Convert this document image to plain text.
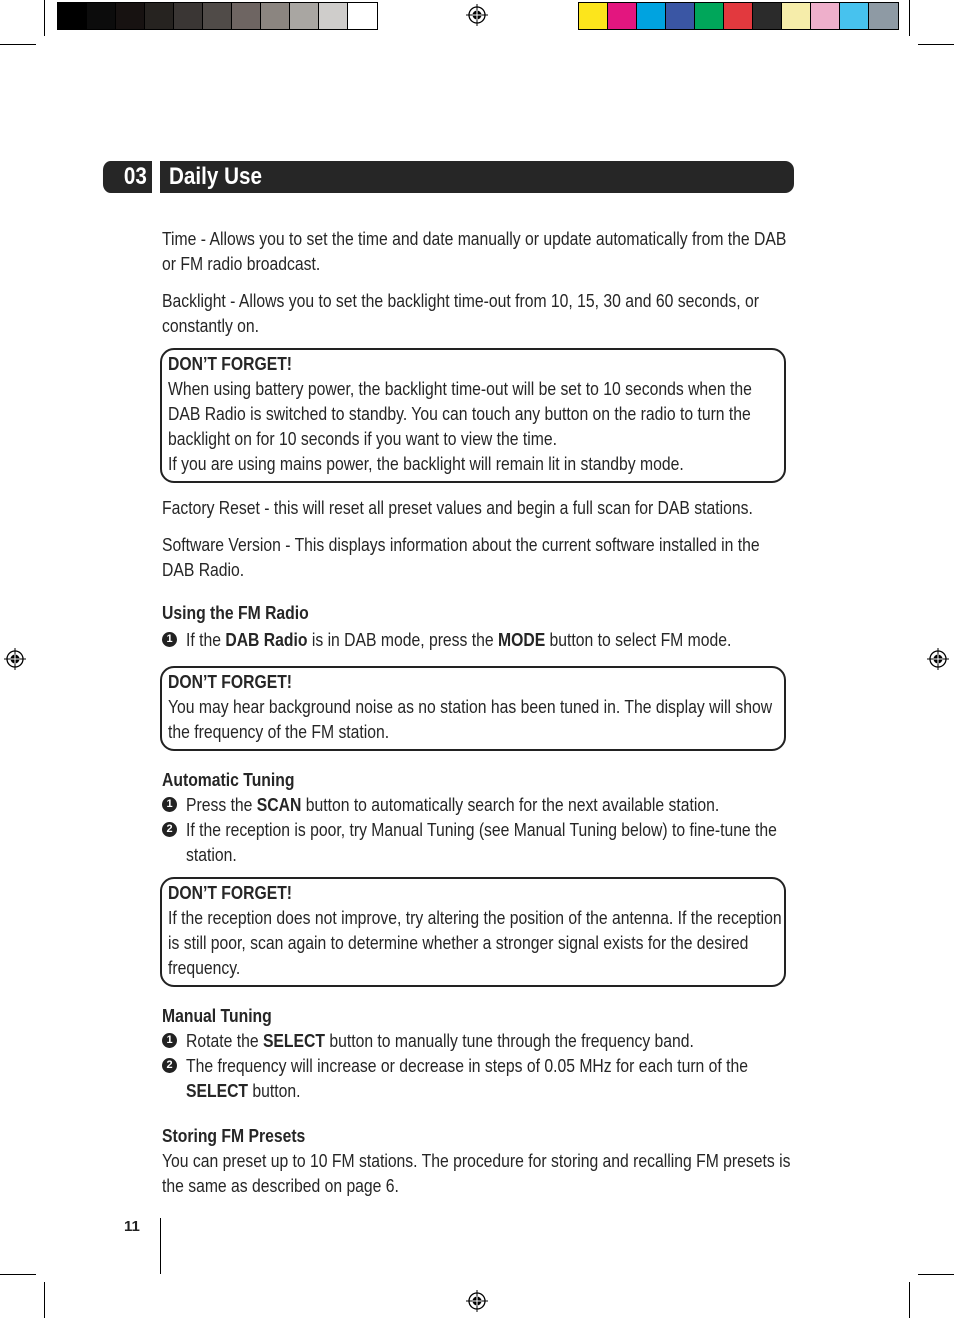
03 Daily Use

Time - Allows you to set the time and date manually or update automatically from the DAB or FM radio broadcast.

Backlight - Allows you to set the backlight time-out from 10, 15, 30 and 60 seconds, or constantly on.

DON’T FORGET!

When using battery power, the backlight time-out will be set to 10 seconds when the DAB Radio is switched to standby. You can touch any button on the radio to turn the backlight on for 10 seconds if you want to view the time.

If you are using mains power, the backlight will remain lit in standby mode.

Factory Reset - this will reset all preset values and begin a full scan for DAB stations.

Software Version - This displays information about the current software installed in the DAB Radio.

Using the FM Radio

1 If the DAB Radio is in DAB mode, press the MODE button to select FM mode.

DON’T FORGET!

You may hear background noise as no station has been tuned in. The display will show the frequency of the FM station.

Automatic Tuning

1 Press the SCAN button to automatically search for the next available station.

2 If the reception is poor, try Manual Tuning (see Manual Tuning below) to fine-tune the station.

DON’T FORGET!

If the reception does not improve, try altering the position of the antenna. If the reception is still poor, scan again to determine whether a stronger signal exists for the desired frequency.

Manual Tuning

1 Rotate the SELECT button to manually tune through the frequency band.

2 The frequency will increase or decrease in steps of 0.05 MHz for each turn of the SELECT button.

Storing FM Presets

You can preset up to 10 FM stations. The procedure for storing and recalling FM presets is the same as described on page 6.

11
